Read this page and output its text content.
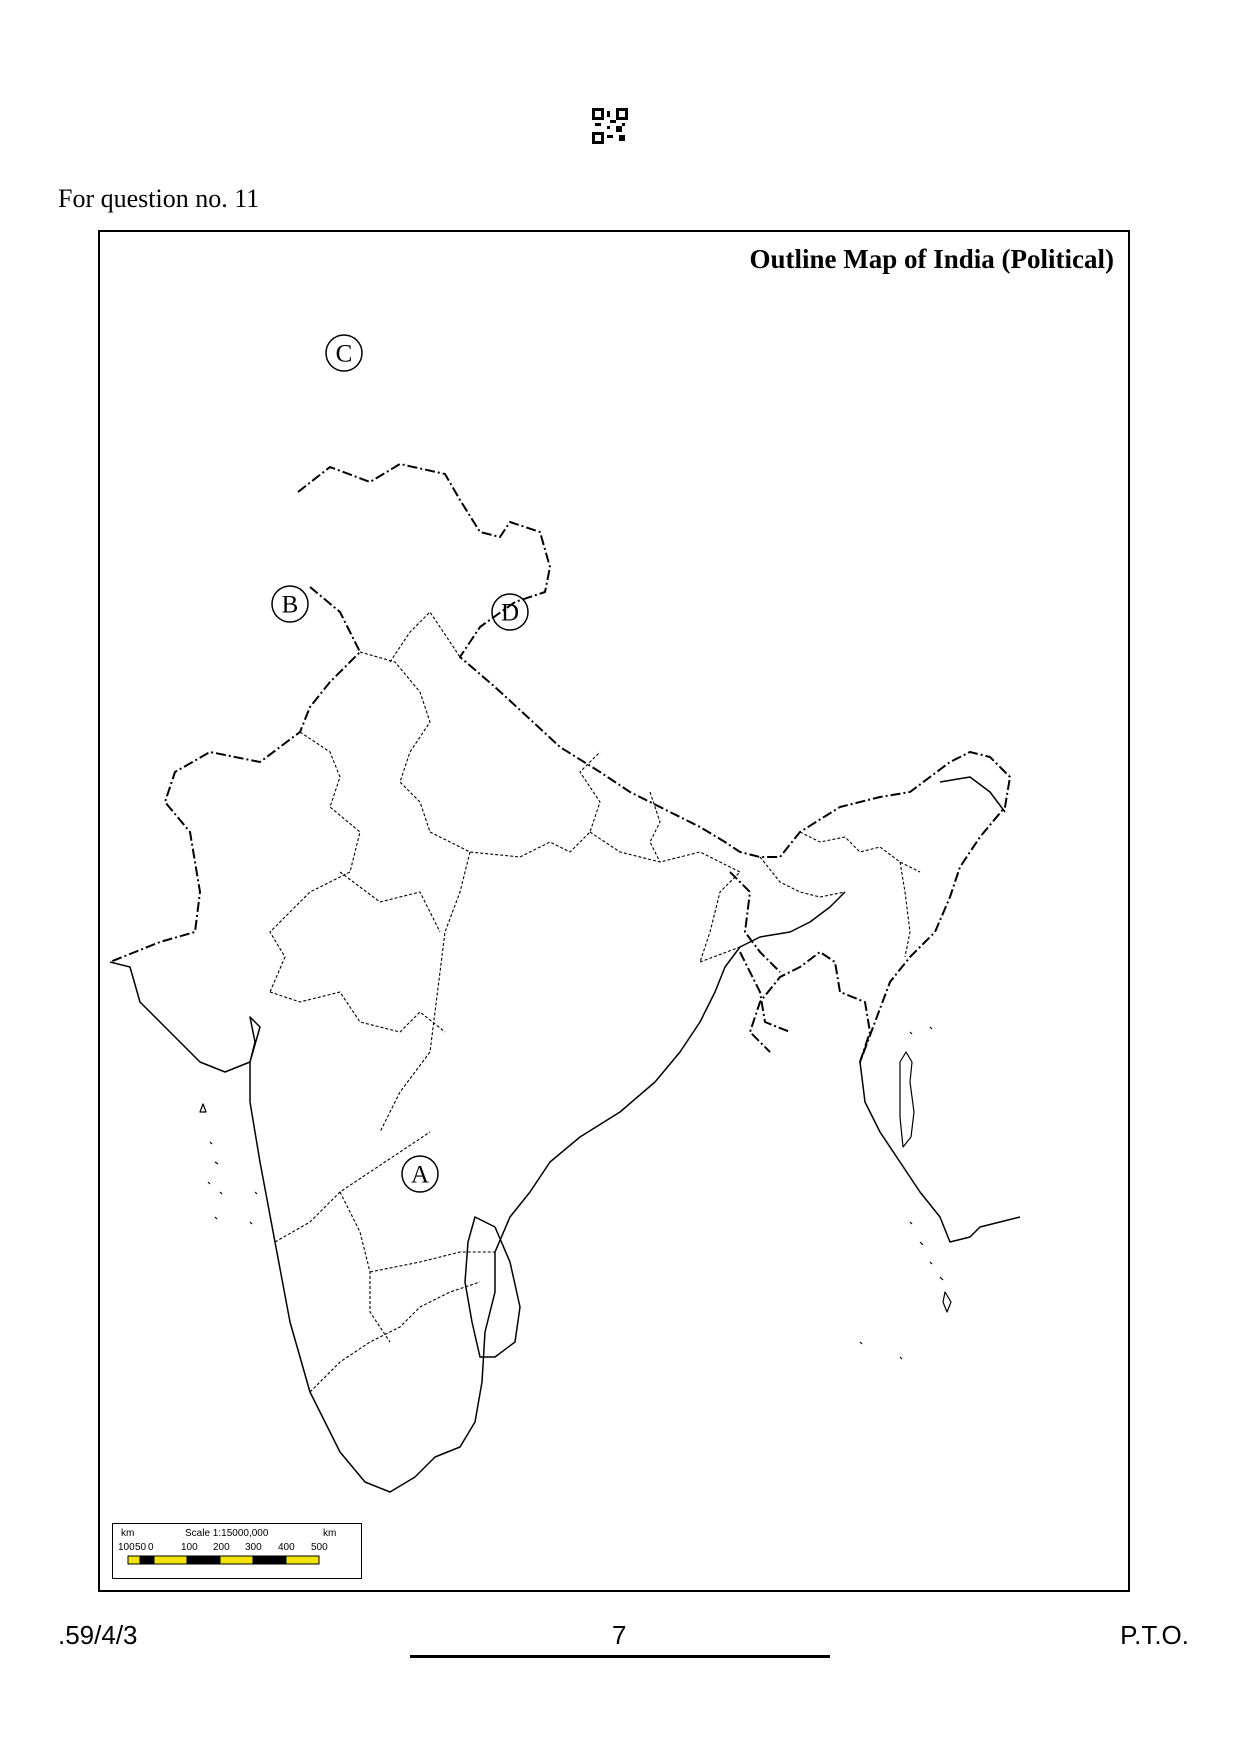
For question no. 11
C
B	D
A
Outline Map of India (Political)
km	Scale 1:15000,000	km
100 50 0	100 200 300 400 500
.59/4/3	7	P.T.O.
